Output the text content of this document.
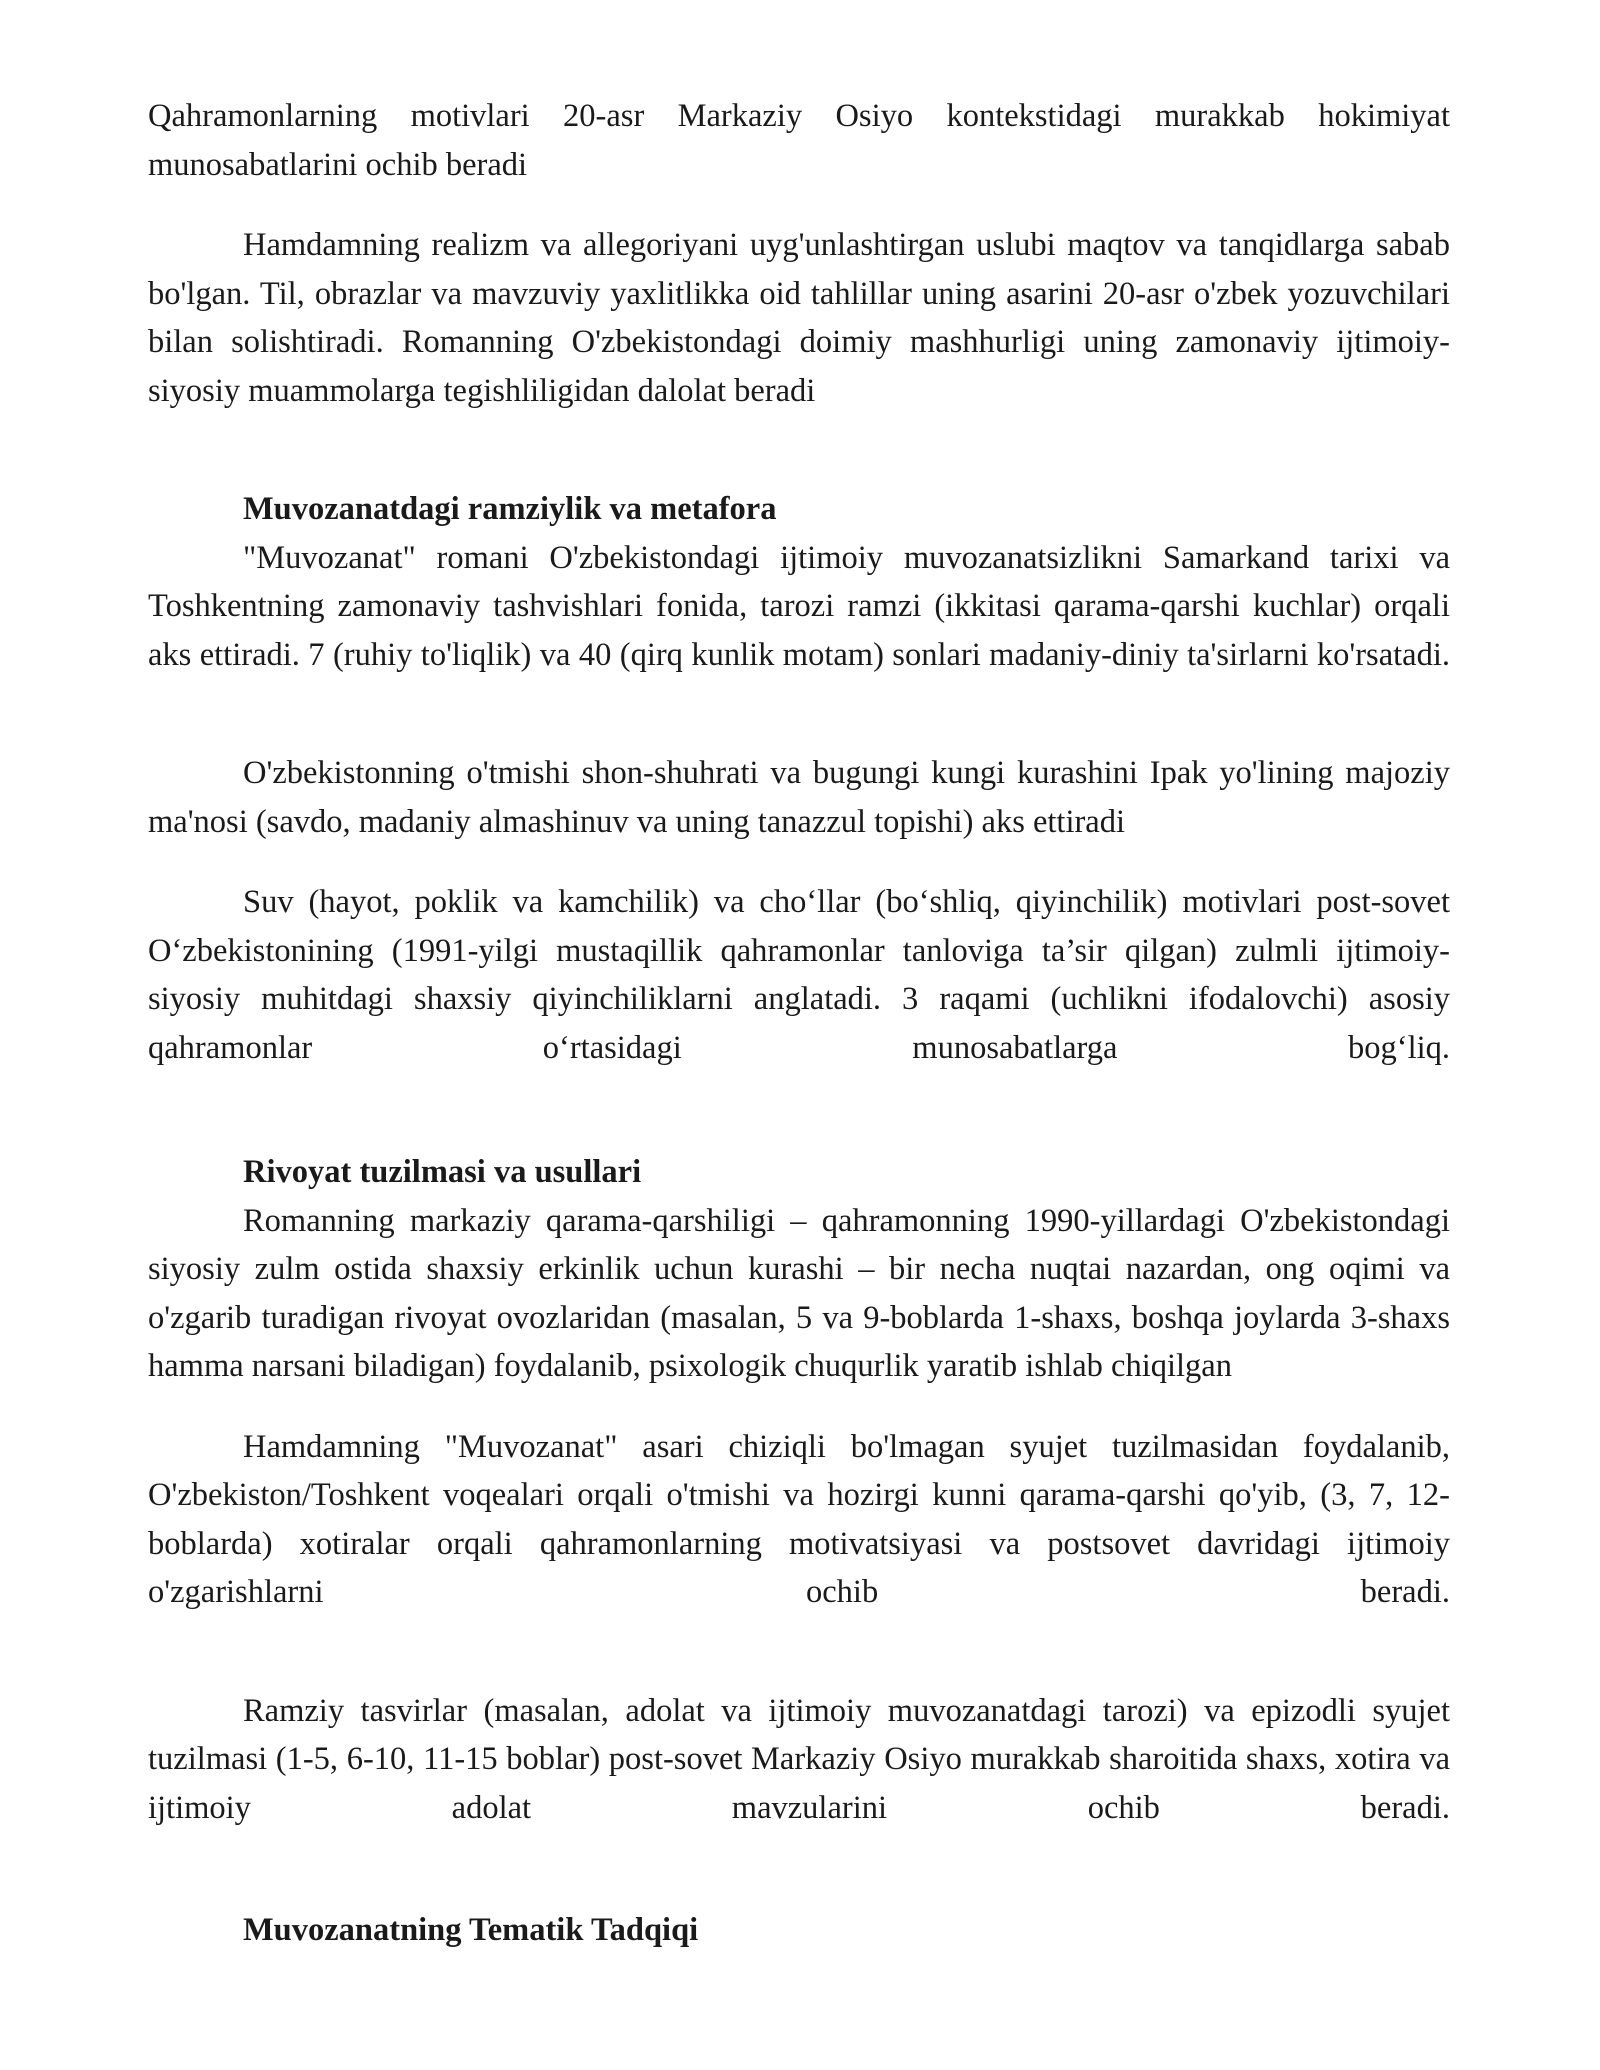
Qahramonlarning motivlari 20-asr Markaziy Osiyo kontekstidagi murakkab hokimiyat munosabatlarini ochib beradi

Hamdamning realizm va allegoriyani uyg'unlashtirgan uslubi maqtov va tanqidlarga sabab bo'lgan. Til, obrazlar va mavzuviy yaxlitlikka oid tahlillar uning asarini 20-asr o'zbek yozuvchilari bilan solishtiradi. Romanning O'zbekistondagi doimiy mashhurligi uning zamonaviy ijtimoiy-siyosiy muammolarga tegishliligidan dalolat beradi

Muvozanatdagi ramziylik va metafora

"Muvozanat" romani O'zbekistondagi ijtimoiy muvozanatsizlikni Samarkand tarixi va Toshkentning zamonaviy tashvishlari fonida, tarozi ramzi (ikkitasi qarama-qarshi kuchlar) orqali aks ettiradi. 7 (ruhiy to'liqlik) va 40 (qirq kunlik motam) sonlari madaniy-diniy ta'sirlarni ko'rsatadi.

O'zbekistonning o'tmishi shon-shuhrati va bugungi kungi kurashini Ipak yo'lining majoziy ma'nosi (savdo, madaniy almashinuv va uning tanazzul topishi) aks ettiradi

Suv (hayot, poklik va kamchilik) va cho‘llar (bo‘shliq, qiyinchilik) motivlari post-sovet O‘zbekistonining (1991-yilgi mustaqillik qahramonlar tanloviga ta’sir qilgan) zulmli ijtimoiy-siyosiy muhitdagi shaxsiy qiyinchiliklarni anglatadi. 3 raqami (uchlikni ifodalovchi) asosiy qahramonlar o‘rtasidagi munosabatlarga bog‘liq.

Rivoyat tuzilmasi va usullari

Romanning markaziy qarama-qarshiligi – qahramonning 1990-yillardagi O'zbekistondagi siyosiy zulm ostida shaxsiy erkinlik uchun kurashi – bir necha nuqtai nazardan, ong oqimi va o'zgarib turadigan rivoyat ovozlaridan (masalan, 5 va 9-boblarda 1-shaxs, boshqa joylarda 3-shaxs hamma narsani biladigan) foydalanib, psixologik chuqurlik yaratib ishlab chiqilgan

Hamdamning "Muvozanat" asari chiziqli bo'lmagan syujet tuzilmasidan foydalanib, O'zbekiston/Toshkent voqealari orqali o'tmishi va hozirgi kunni qarama-qarshi qo'yib, (3, 7, 12-boblarda) xotiralar orqali qahramonlarning motivatsiyasi va postsovet davridagi ijtimoiy o'zgarishlarni ochib beradi.

Ramziy tasvirlar (masalan, adolat va ijtimoiy muvozanatdagi tarozi) va epizodli syujet tuzilmasi (1-5, 6-10, 11-15 boblar) post-sovet Markaziy Osiyo murakkab sharoitida shaxs, xotira va ijtimoiy adolat mavzularini ochib beradi.

Muvozanatning Tematik Tadqiqi
